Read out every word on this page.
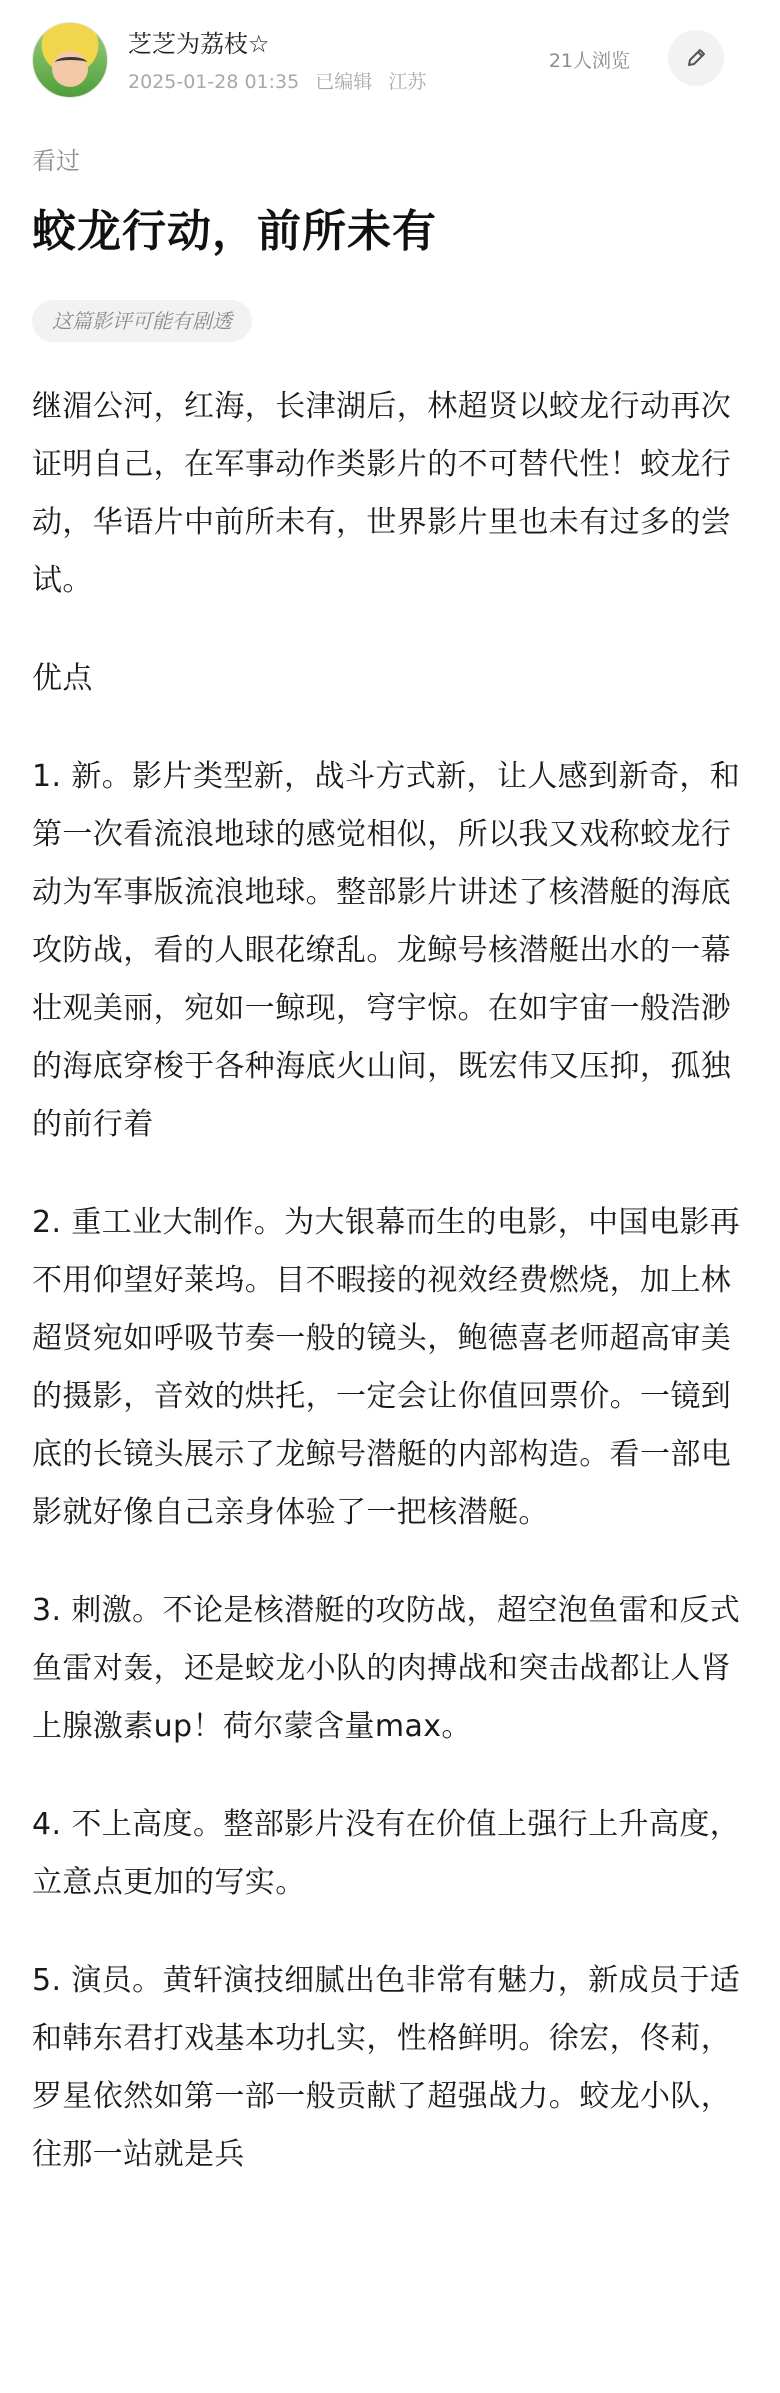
芝芝为荔枝☆
2025-01-28 01:35 已编辑 江苏
21人浏览
看过
蛟龙行动，前所未有
这篇影评可能有剧透

继湄公河，红海，长津湖后，林超贤以蛟龙行动再次证明自己，在军事动作类影片的不可替代性！蛟龙行动，华语片中前所未有，世界影片里也未有过多的尝试。

优点

1. 新。影片类型新，战斗方式新，让人感到新奇，和第一次看流浪地球的感觉相似，所以我又戏称蛟龙行动为军事版流浪地球。整部影片讲述了核潜艇的海底攻防战，看的人眼花缭乱。龙鲸号核潜艇出水的一幕壮观美丽，宛如一鲸现，穹宇惊。在如宇宙一般浩渺的海底穿梭于各种海底火山间，既宏伟又压抑，孤独的前行着

2. 重工业大制作。为大银幕而生的电影，中国电影再不用仰望好莱坞。目不暇接的视效经费燃烧，加上林超贤宛如呼吸节奏一般的镜头，鲍德喜老师超高审美的摄影，音效的烘托，一定会让你值回票价。一镜到底的长镜头展示了龙鲸号潜艇的内部构造。看一部电影就好像自己亲身体验了一把核潜艇。

3. 刺激。不论是核潜艇的攻防战，超空泡鱼雷和反式鱼雷对轰，还是蛟龙小队的肉搏战和突击战都让人肾上腺激素up！荷尔蒙含量max。

4. 不上高度。整部影片没有在价值上强行上升高度，立意点更加的写实。

5. 演员。黄轩演技细腻出色非常有魅力，新成员于适和韩东君打戏基本功扎实，性格鲜明。徐宏，佟莉，罗星依然如第一部一般贡献了超强战力。蛟龙小队，往那一站就是兵
